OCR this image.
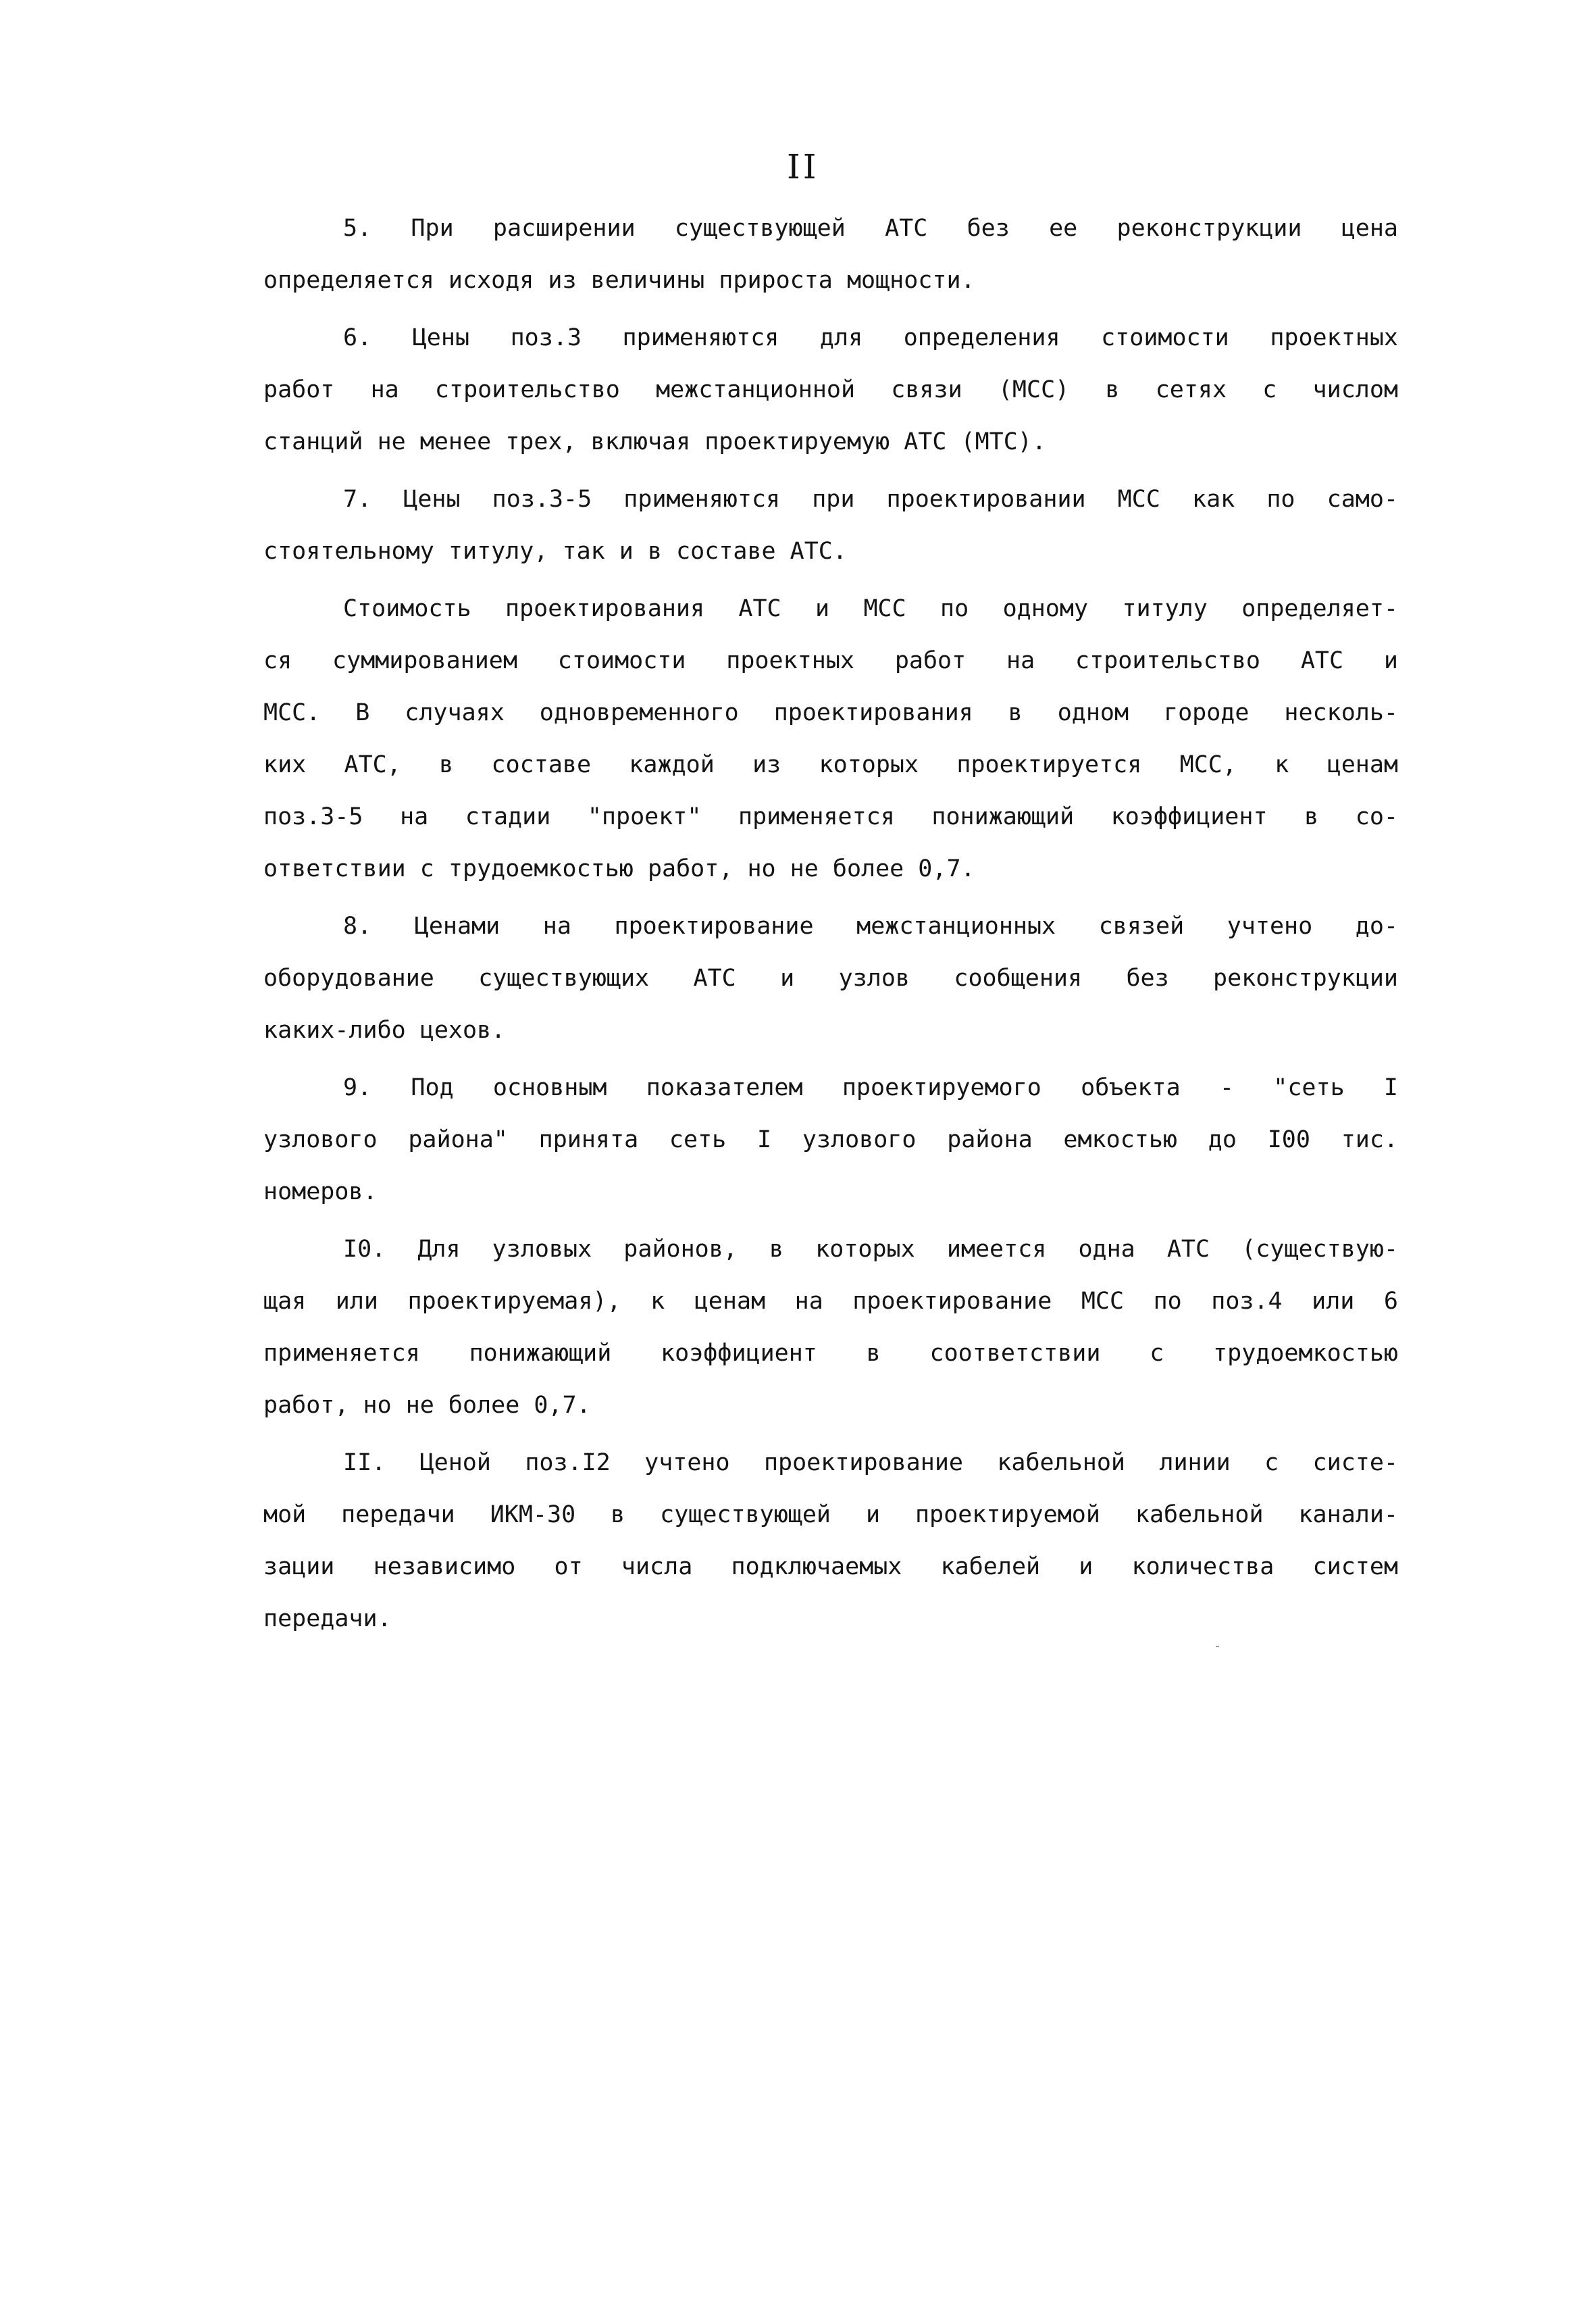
II
5. При расширении существующей АТС без ее реконструкции цена
определяется исходя из величины прироста мощности.
6. Цены поз.3 применяются для определения стоимости проектных
работ на строительство межстанционной связи (МСС) в сетях с числом
станций не менее трех, включая проектируемую АТС (МТС).
7. Цены поз.3-5 применяются при проектировании МСС как по само-
стоятельному титулу, так и в составе АТС.
Стоимость проектирования АТС и МСС по одному титулу определяет-
ся суммированием стоимости проектных работ на строительство АТС и
МСС. В случаях одновременного проектирования в одном городе несколь-
ких АТС, в составе каждой из которых проектируется МСС, к ценам
поз.3-5 на стадии "проект" применяется понижающий коэффициент в со-
ответствии с трудоемкостью работ, но не более 0,7.
8. Ценами на проектирование межстанционных связей учтено до-
оборудование существующих АТС и узлов сообщения без реконструкции
каких-либо цехов.
9. Под основным показателем проектируемого объекта - "сеть I
узлового района" принята сеть I узлового района емкостью до I00 тис.
номеров.
I0. Для узловых районов, в которых имеется одна АТС (существую-
щая или проектируемая), к ценам на проектирование МСС по поз.4 или 6
применяется понижающий коэффициент в соответствии с трудоемкостью
работ, но не более 0,7.
II. Ценой поз.I2 учтено проектирование кабельной линии с систе-
мой передачи ИКМ-30 в существующей и проектируемой кабельной канали-
зации независимо от числа подключаемых кабелей и количества систем
передачи.
